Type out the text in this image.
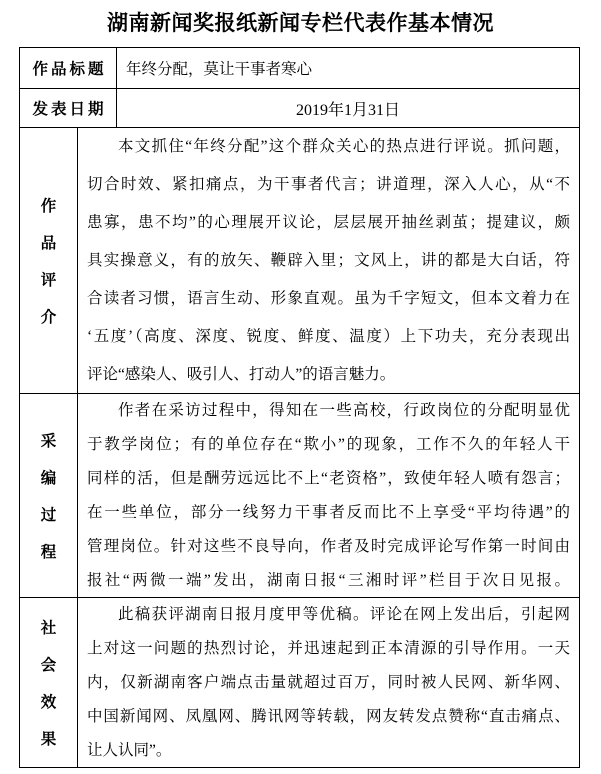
湖南新闻奖报纸新闻专栏代表作基本情况
作品标题	年终分配，莫让干事者寒心
发表日期	2019年1月31日
作
品
评
介
本文抓住“年终分配”这个群众关心的热点进行评说。抓问题，
切合时效、紧扣痛点，为干事者代言；讲道理，深入人心，从“不
患寡，患不均”的心理展开议论，层层展开抽丝剥茧；提建议，颇
具实操意义，有的放矢、鞭辟入里；文风上，讲的都是大白话，符
合读者习惯，语言生动、形象直观。虽为千字短文，但本文着力在
‘五度’（高度、深度、锐度、鲜度、温度）上下功夫，充分表现出
评论“感染人、吸引人、打动人”的语言魅力。
采
编
过
程
作者在采访过程中，得知在一些高校，行政岗位的分配明显优
于教学岗位；有的单位存在“欺小”的现象，工作不久的年轻人干
同样的活，但是酬劳远远比不上“老资格”，致使年轻人喷有怨言；
在一些单位，部分一线努力干事者反而比不上享受“平均待遇”的
管理岗位。针对这些不良导向，作者及时完成评论写作第一时间由
报社“两微一端”发出，湖南日报“三湘时评”栏目于次日见报。
社
会
效
果
此稿获评湖南日报月度甲等优稿。评论在网上发出后，引起网
上对这一问题的热烈讨论，并迅速起到正本清源的引导作用。一天
内，仅新湖南客户端点击量就超过百万，同时被人民网、新华网、
中国新闻网、凤凰网、腾讯网等转载，网友转发点赞称“直击痛点、
让人认同”。
